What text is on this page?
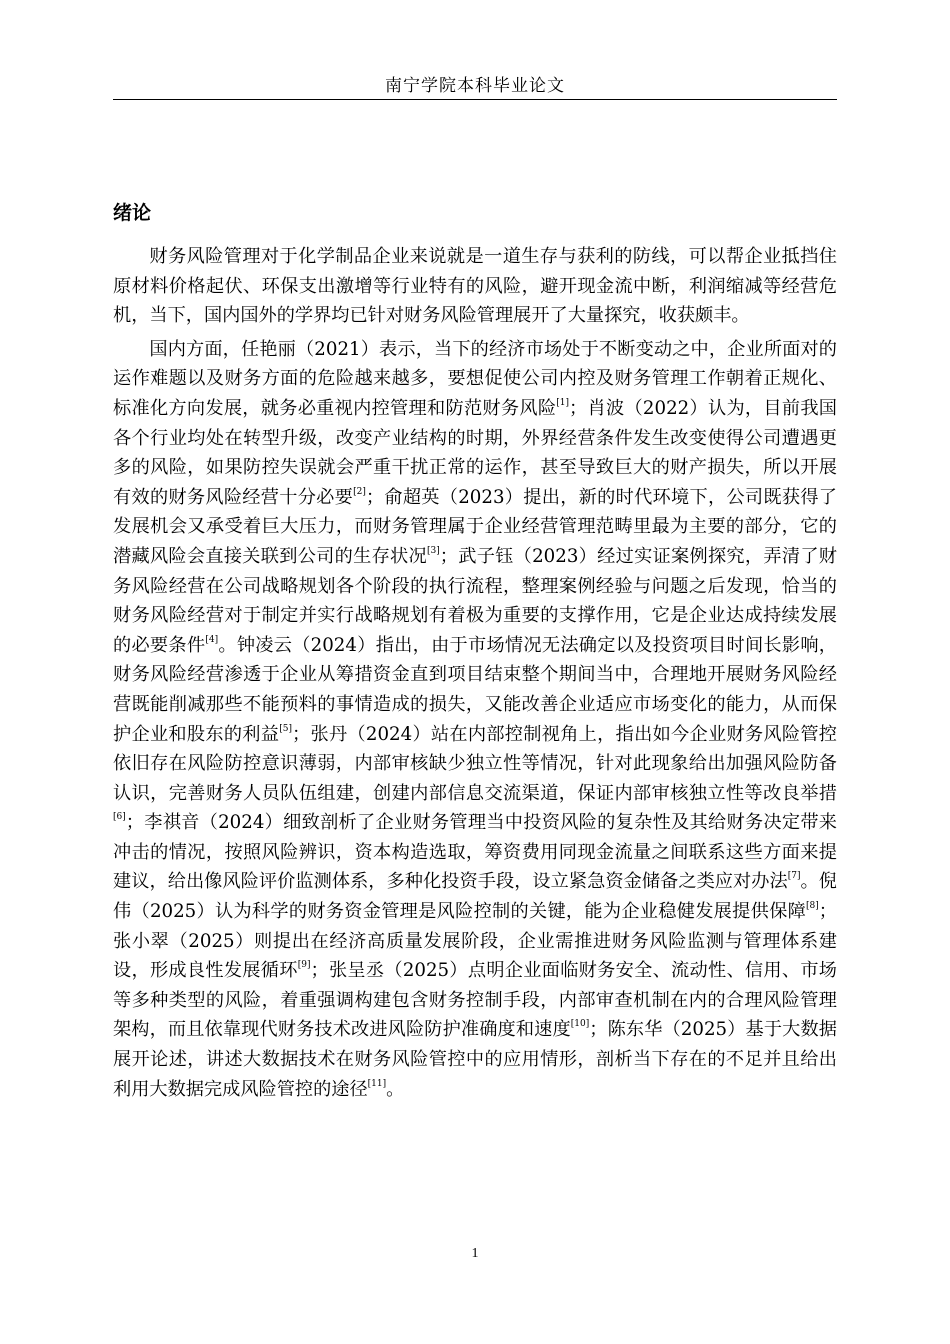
南宁学院本科毕业论文
绪论

财务风险管理对于化学制品企业来说就是一道生存与获利的防线，可以帮企业抵挡住原材料价格起伏、环保支出激增等行业特有的风险，避开现金流中断，利润缩减等经营危机，当下，国内国外的学界均已针对财务风险管理展开了大量探究，收获颇丰。

国内方面，任艳丽（2021）表示，当下的经济市场处于不断变动之中，企业所面对的运作难题以及财务方面的危险越来越多，要想促使公司内控及财务管理工作朝着正规化、标准化方向发展，就务必重视内控管理和防范财务风险[1]；肖波（2022）认为，目前我国各个行业均处在转型升级，改变产业结构的时期，外界经营条件发生改变使得公司遭遇更多的风险，如果防控失误就会严重干扰正常的运作，甚至导致巨大的财产损失，所以开展有效的财务风险经营十分必要[2]；俞超英（2023）提出，新的时代环境下，公司既获得了发展机会又承受着巨大压力，而财务管理属于企业经营管理范畴里最为主要的部分，它的潜藏风险会直接关联到公司的生存状况[3]；武子钰（2023）经过实证案例探究，弄清了财务风险经营在公司战略规划各个阶段的执行流程，整理案例经验与问题之后发现，恰当的财务风险经营对于制定并实行战略规划有着极为重要的支撑作用，它是企业达成持续发展的必要条件[4]。钟凌云（2024）指出，由于市场情况无法确定以及投资项目时间长影响，财务风险经营渗透于企业从筹措资金直到项目结束整个期间当中，合理地开展财务风险经营既能削减那些不能预料的事情造成的损失，又能改善企业适应市场变化的能力，从而保护企业和股东的利益[5]；张丹（2024）站在内部控制视角上，指出如今企业财务风险管控依旧存在风险防控意识薄弱，内部审核缺少独立性等情况，针对此现象给出加强风险防备认识，完善财务人员队伍组建，创建内部信息交流渠道，保证内部审核独立性等改良举措[6]；李祺音（2024）细致剖析了企业财务管理当中投资风险的复杂性及其给财务决定带来冲击的情况，按照风险辨识，资本构造选取，筹资费用同现金流量之间联系这些方面来提建议，给出像风险评价监测体系，多种化投资手段，设立紧急资金储备之类应对办法[7]。倪伟（2025）认为科学的财务资金管理是风险控制的关键，能为企业稳健发展提供保障[8]；张小翠（2025）则提出在经济高质量发展阶段，企业需推进财务风险监测与管理体系建设，形成良性发展循环[9]；张呈丞（2025）点明企业面临财务安全、流动性、信用、市场等多种类型的风险，着重强调构建包含财务控制手段，内部审查机制在内的合理风险管理架构，而且依靠现代财务技术改进风险防护准确度和速度[10]；陈东华（2025）基于大数据展开论述，讲述大数据技术在财务风险管控中的应用情形，剖析当下存在的不足并且给出利用大数据完成风险管控的途径[11]。

1
